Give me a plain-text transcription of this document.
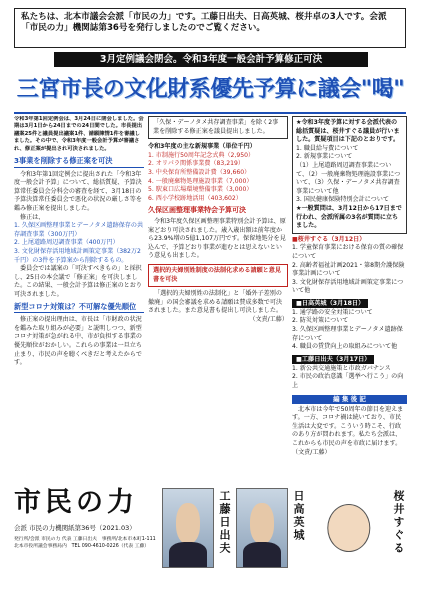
私たちは、北本市議会会派「市民の力」です。工藤日出夫、日高英城、桜井卓の3人です。会派「市民の力」機関誌第36号を発行しましたのでご覧ください。
3月定例議会閉会。令和3年度一般会計予算修正可決
三宮市長の文化財系優先予算に議会"喝"
令和3年第1回定例会は、3月24日に閉会しました。会期は3月1日から24日までの24日間でした。市長提出議案25件と議員提出議案1件、請願陳情1件を審議しました。その中で、令和3年度一般会計予算が審議され、修正案が提出され可決されました。
3事業を削除する修正案を可決

令和3年第1回定例会に提出された「令和3年度一般会計予算」について、総括質疑、予算決算常任委員会分科会の審査を経て、3月18日の予算決算常任委員会で悪化の状況の厳しさ等を鑑み修正案を提出しました。

修正は、

1. 久保区画整理事業とデーノタメ遺跡保存の共存調査事業（300万円）
2. 上尾道路周辺調査事業（400万円）
3. 文化財保存活用地域計画策定事業（382万2千円）の3件を予算案から削除するもの。

委員会では議案の「可決すべきもの」と採択し、25日の本会議で「修正案」を可決しました。この結果、一般会計予算は修正案のとおり可決されました。

新型コロナ対策は？不可解な優先順位

修正案の提出理由は、市長は「市財政の状況を鑑みた取り組みが必要」と説明しつつ、新型コロナ対策が急がれる中、市が負担する事業の優先順位がおかしい。これらの事業は一旦立ち止まり、市民の声を聴くべきだと考えたからです。

「久保・デーノタメ共存調査事業」を除く2事業を削除する修正案を議員提出しました。
令和3年度の主な新規事業（単位千円）
1. 市制施行50周年記念式典（2,950）
2. オリパラ関係事業費（83,219）
3. 中央保育所整備設計費（39,660）
4. 一般廃棄物処理施設事業（7,000）
5. 駅東口広場環境整備事業（3,000）
6. 西小学校跡地活用（403,602）
久保区画整理事業特会予算可決

令和3年度久保区画整理事業特別会計予算は、原案どおり可決されました。歳入歳出額は前年度から23.9%増の5億1,107万円です。保留地処分を見込んで、予算どおり事業が進むとは思えないという意見も出ました。

選択的夫婦別姓制度の法制化求める請願と意見書を可決

「選択的夫婦別姓の法制化」と「婚外子差別の撤廃」の国会審議を求める請願は賛成多数で可決されました。また意見書も提出し可決しました。

（文責/工藤）
★令和3年度予算に対する会派代表の総括質疑は、桜井すぐる議員が行いました。質疑項目は下記のとおりです。
1. 職員給与費について
2. 新規事業について
（1）上尾道路周辺調査事業について、（2）一般廃棄物処理施設事業について、（3）久保・デーノタメ共存調査事業について他
3. 国民健康保険特別会計について
★一般質問は、3月12日から17日まで行われ、会派所属の3名が質問に立ちました。
■桜井すぐる（3月12日）
1. 学童保育事業における保育の質の確保について
2. 高齢者福祉計画2021・第8期介護保険事業計画について
3. 文化財保存活用地域計画策定事業について他
■日高英城（3月18日）
1. 通学路の安全対策について
2. 防災対策について
3. 久保区画整理事業とデーノタメ遺跡保存について
4. 職員の賃貸向上の取組みについて他
■工藤日出夫（3月17日）
1. 新公共交通施策と市政ガバナンス
2. 市民の政治意識「選挙へ行こう」の向上
編 集 後 記

北本市は今年で50周年の節目を迎えます。一方、コロナ禍は続いており、市民生活は大変です。こういう時こそ、行政のあり方が問われます。私たち会派は、これからも市民の声を市政に届けます。（文責/工藤）

市民の力
会派 市民の力機関紙第36号（2021.03）
発行所/会派 市民の力 代表 工藤日出夫　事務所/北本市本町1-111 北本市役所議会事務局内　TEL 090-4610-0226（代表 工藤）	工藤日出夫	日高英城	桜井すぐる
